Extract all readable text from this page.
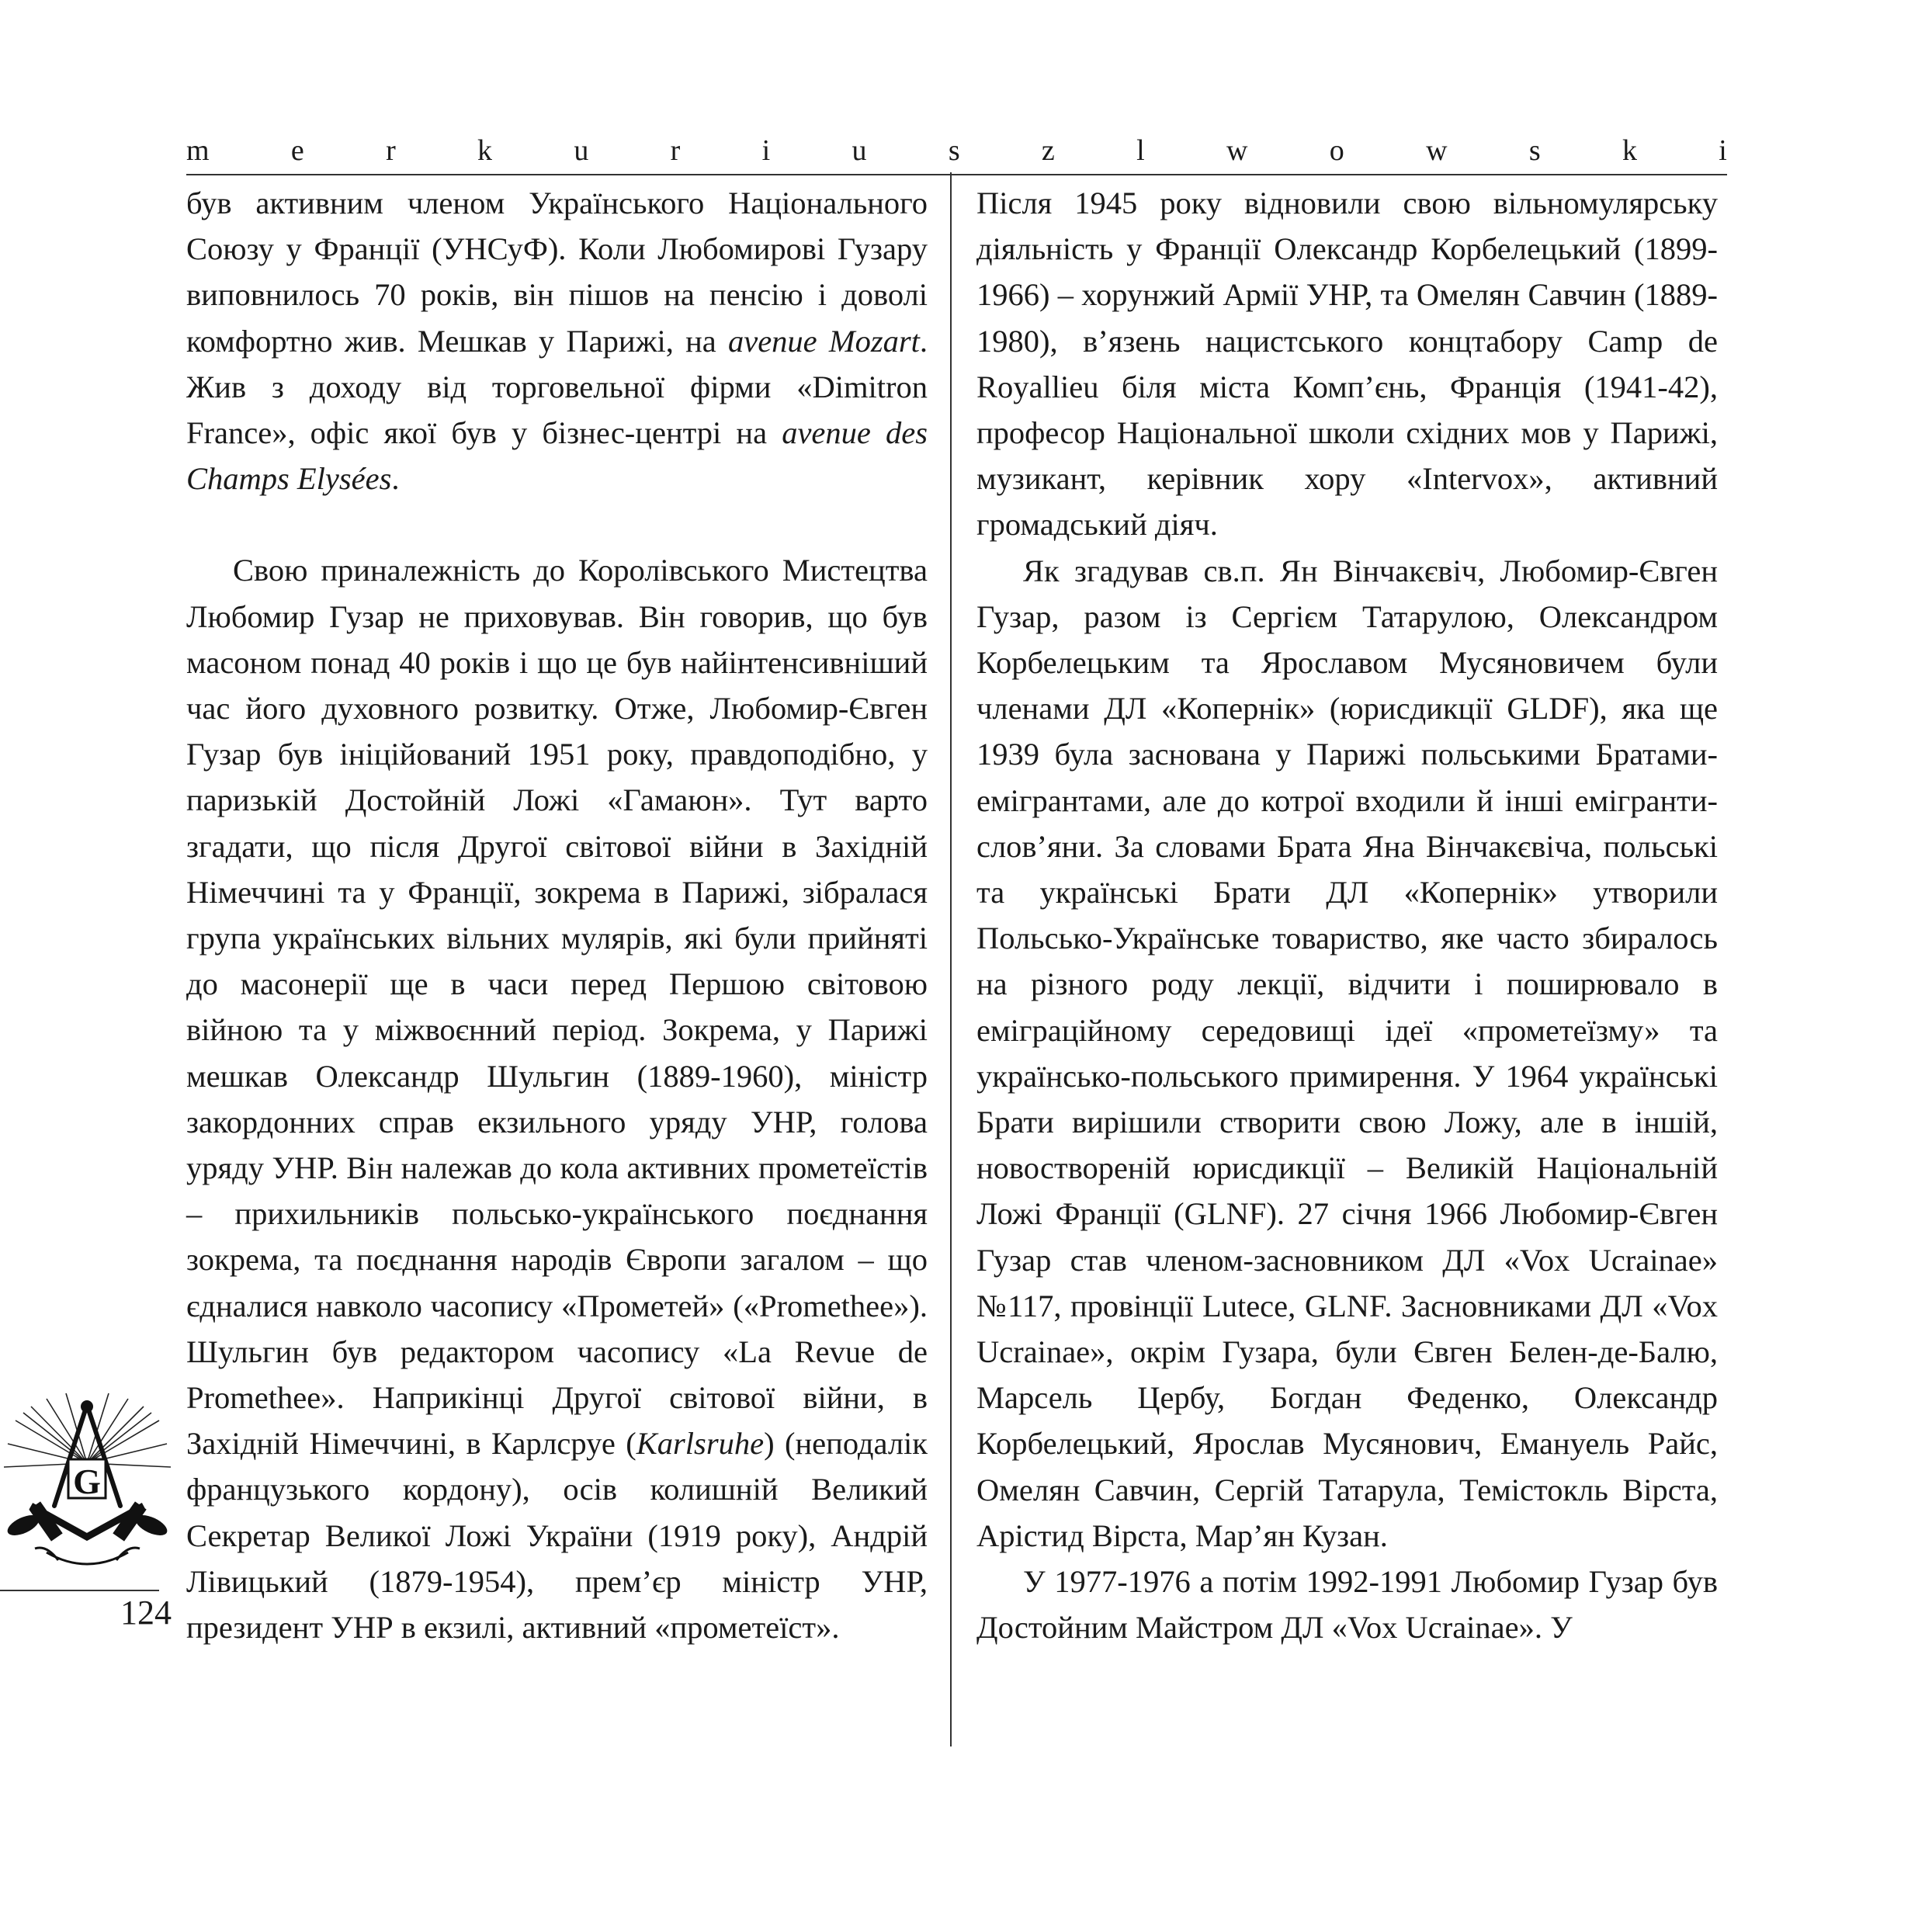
m	e	r	k	u	r	i	u	s	z	l	w	o	w	s	k	i

був активним членом Українського Національного Союзу у Франції (УНСуФ). Коли Любомирові Гузару виповнилось 70 років, він пішов на пенсію і доволі комфортно жив. Мешкав у Парижі, на avenue Mozart. Жив з доходу від торговельної фірми «Dimitron France», офіс якої був у бізнес-центрі на avenue des Champs Elysées.

Свою приналежність до Королівського Мистецтва Любомир Гузар не приховував. Він говорив, що був масоном понад 40 років і що це був найінтенсивніший час його духовного розвитку. Отже, Любомир-Євген Гузар був ініційований 1951 року, правдоподібно, у паризькій Достойній Ложі «Гамаюн». Тут варто згадати, що після Другої світової війни в Західній Німеччині та у Франції, зокрема в Парижі, зібралася група українських вільних мулярів, які були прийняті до масонерії ще в часи перед Першою світовою війною та у міжвоєнний період. Зокрема, у Парижі мешкав Олександр Шульгин (1889-1960), міністр закордонних справ екзильного уряду УНР, голова уряду УНР. Він належав до кола активних прометеїстів – прихильників польсько-українського поєднання зокрема, та поєднання народів Європи загалом – що єдналися навколо часопису «Прометей» («Promethee»). Шульгин був редактором часопису «La Revue de Promethee». Наприкінці Другої світової війни, в Західній Німеччині, в Карлсруе (Karlsruhe) (неподалік французького кордону), осів колишній Великий Секретар Великої Ложі України (1919 року), Андрій Лівицький (1879-1954), прем’єр міністр УНР, президент УНР в екзилі, активний «прометеїст».

Після 1945 року відновили свою вільномулярську діяльність у Франції Олександр Корбелецький (1899-1966) – хорунжий Армії УНР, та Омелян Савчин (1889-1980), в’язень нацистського концтабору Camp de Royallieu біля міста Комп’єнь, Франція (1941-42), професор Національної школи східних мов у Парижі, музикант, керівник хору «Intervox», активний громадський діяч.

Як згадував св.п. Ян Вінчакєвіч, Любомир-Євген Гузар, разом із Сергієм Татарулою, Олександром Корбелецьким та Ярославом Мусяновичем були членами ДЛ «Копернік» (юрисдикції GLDF), яка ще 1939 була заснована у Парижі польськими Братами-емігрантами, але до котрої входили й інші емігранти-слов’яни. За словами Брата Яна Вінчакєвіча, польські та українські Брати ДЛ «Копернік» утворили Польсько-Українське товариство, яке часто збиралось на різного роду лекції, відчити і поширювало в еміграційному середовищі ідеї «прометеїзму» та українсько-польського примирення. У 1964 українські Брати вирішили створити свою Ложу, але в іншій, новоствореній юрисдикції – Великій Національній Ложі Франції (GLNF). 27 січня 1966 Любомир-Євген Гузар став членом-засновником ДЛ «Vox Ucrainae» №117, провінції Lutece, GLNF. Засновниками ДЛ «Vox Ucrainae», окрім Гузара, були Євген Белен-де-Балю, Марсель Цербу, Богдан Феденко, Олександр Корбелецький, Ярослав Мусянович, Емануель Райс, Омелян Савчин, Сергій Татарула, Темістокль Вірста, Арістид Вірста, Мар’ян Кузан.

У 1977-1976 а потім 1992-1991 Любомир Гузар був Достойним Майстром ДЛ «Vox Ucrainae». У

G
124
